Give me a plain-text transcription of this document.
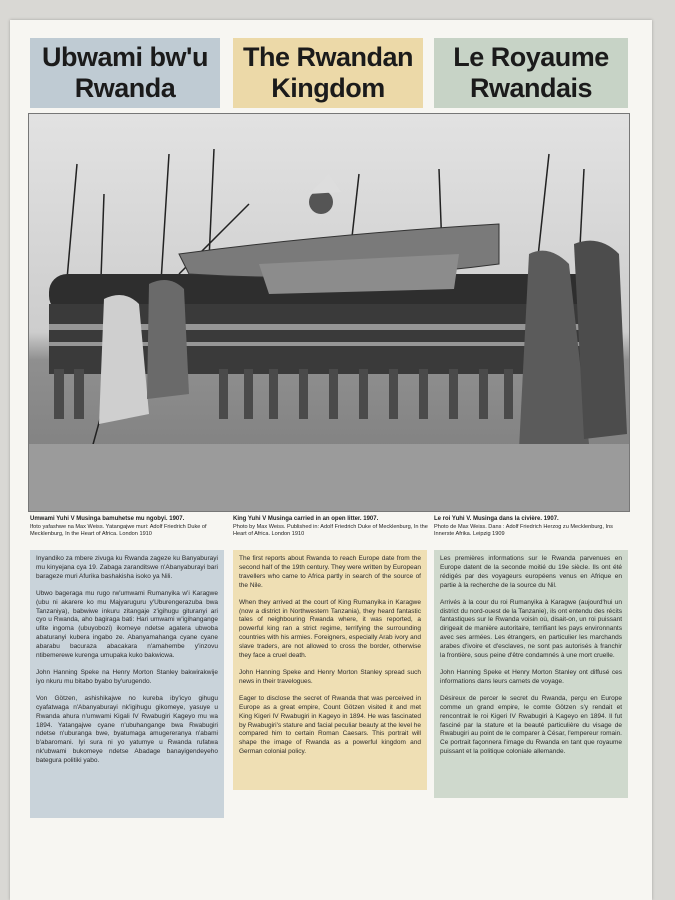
Ubwami bw'u Rwanda
The Rwandan Kingdom
Le Royaume Rwandais
Umwami Yuhi V Musinga bamuhetse mu ngobyi. 1907.
Ifoto yafashwe na Max Weiss. Yatangajwe muri: Adolf Friedrich Duke of Mecklenburg, In the Heart of Africa. London 1910
King Yuhi V Musinga carried in an open litter. 1907.
Photo by Max Weiss. Published in: Adolf Friedrich Duke of Mecklenburg, In the Heart of Africa. London 1910
Le roi Yuhi V. Musinga dans la civière. 1907.
Photo de Max Weiss. Dans : Adolf Friedrich Herzog zu Mecklenburg, Ins Innerste Afrika. Leipzig 1909

Inyandiko za mbere zivuga ku Rwanda zageze ku Banyaburayi mu kinyejana cya 19. Zabaga zaranditswe n'Abanyaburayi bari barageze muri Afurika bashakisha isoko ya Nili.

Ubwo bageraga mu rugo rw'umwami Rumanyika w'i Karagwe (ubu ni akarere ko mu Majyaruguru y'Uburengerazuba bwa Tanzaniya), babwiwe inkuru zitangaje z'igihugu gituranyi ari cyo u Rwanda, aho bagiraga bati: Hari umwami w'igihangange ufite ingoma (ubuyobozi) ikomeye ndetse agatera ubwoba abaturanyi kubera ingabo ze. Abanyamahanga cyane cyane abarabu bacuraza abacakara n'amahembe y'inzovu ntibemerewe kurenga umupaka kuko bakwicwa.

John Hanning Speke na Henry Morton Stanley bakwirakwije iyo nkuru mu bitabo byabo by'urugendo.

Von Götzen, ashishikajwe no kureba iby'icyo gihugu cyafatwaga n'Abanyaburayi nk'igihugu gikomeye, yasuye u Rwanda ahura n'umwami Kigali IV Rwabugiri Kageyo mu wa 1894. Yatangajwe cyane n'ubuhangange bwa Rwabugiri ndetse n'uburanga bwe, byatumaga amugereranya n'abami b'abaromani. Iyi sura ni yo yatumye u Rwanda rufatwa nk'ubwami bukomeye ndetse Abadage banayigendeyeho bategura politiki yabo.

The first reports about Rwanda to reach Europe date from the second half of the 19th century. They were written by European travellers who came to Africa partly in search of the source of the Nile.

When they arrived at the court of King Rumanyika in Karagwe (now a district in Northwestern Tanzania), they heard fantastic tales of neighbouring Rwanda where, it was reported, a powerful king ran a strict regime, terrifying the surrounding countries with his armies. Foreigners, especially Arab ivory and slave traders, are not allowed to cross the border, otherwise they face a cruel death.

John Hanning Speke and Henry Morton Stanley spread such news in their travelogues.

Eager to disclose the secret of Rwanda that was perceived in Europe as a great empire, Count Götzen visited it and met King Kigeri IV Rwabugiri in Kageyo in 1894. He was fascinated by Rwabugiri's stature and facial peculiar beauty at the level he compared him to certain Roman Caesars. This portrait will shape the image of Rwanda as a powerful kingdom and German colonial policy.

Les premières informations sur le Rwanda parvenues en Europe datent de la seconde moitié du 19e siècle. Ils ont été rédigés par des voyageurs européens venus en Afrique en partie à la recherche de la source du Nil.

Arrivés à la cour du roi Rumanyika à Karagwe (aujourd'hui un district du nord-ouest de la Tanzanie), ils ont entendu des récits fantastiques sur le Rwanda voisin où, disait-on, un roi puissant dirigeait de manière autoritaire, terrifiant les pays environnants avec ses armées. Les étrangers, en particulier les marchands arabes d'ivoire et d'esclaves, ne sont pas autorisés à franchir la frontière, sous peine d'être condamnés à une mort cruelle.

John Hanning Speke et Henry Morton Stanley ont diffusé ces informations dans leurs carnets de voyage.

Désireux de percer le secret du Rwanda, perçu en Europe comme un grand empire, le comte Götzen s'y rendait et rencontrait le roi Kigeri IV Rwabugiri à Kageyo en 1894. Il fut fasciné par la stature et la beauté particulière du visage de Rwabugiri au point de le comparer à César, l'empereur romain. Ce portrait façonnera l'image du Rwanda en tant que royaume puissant et la politique coloniale allemande.
